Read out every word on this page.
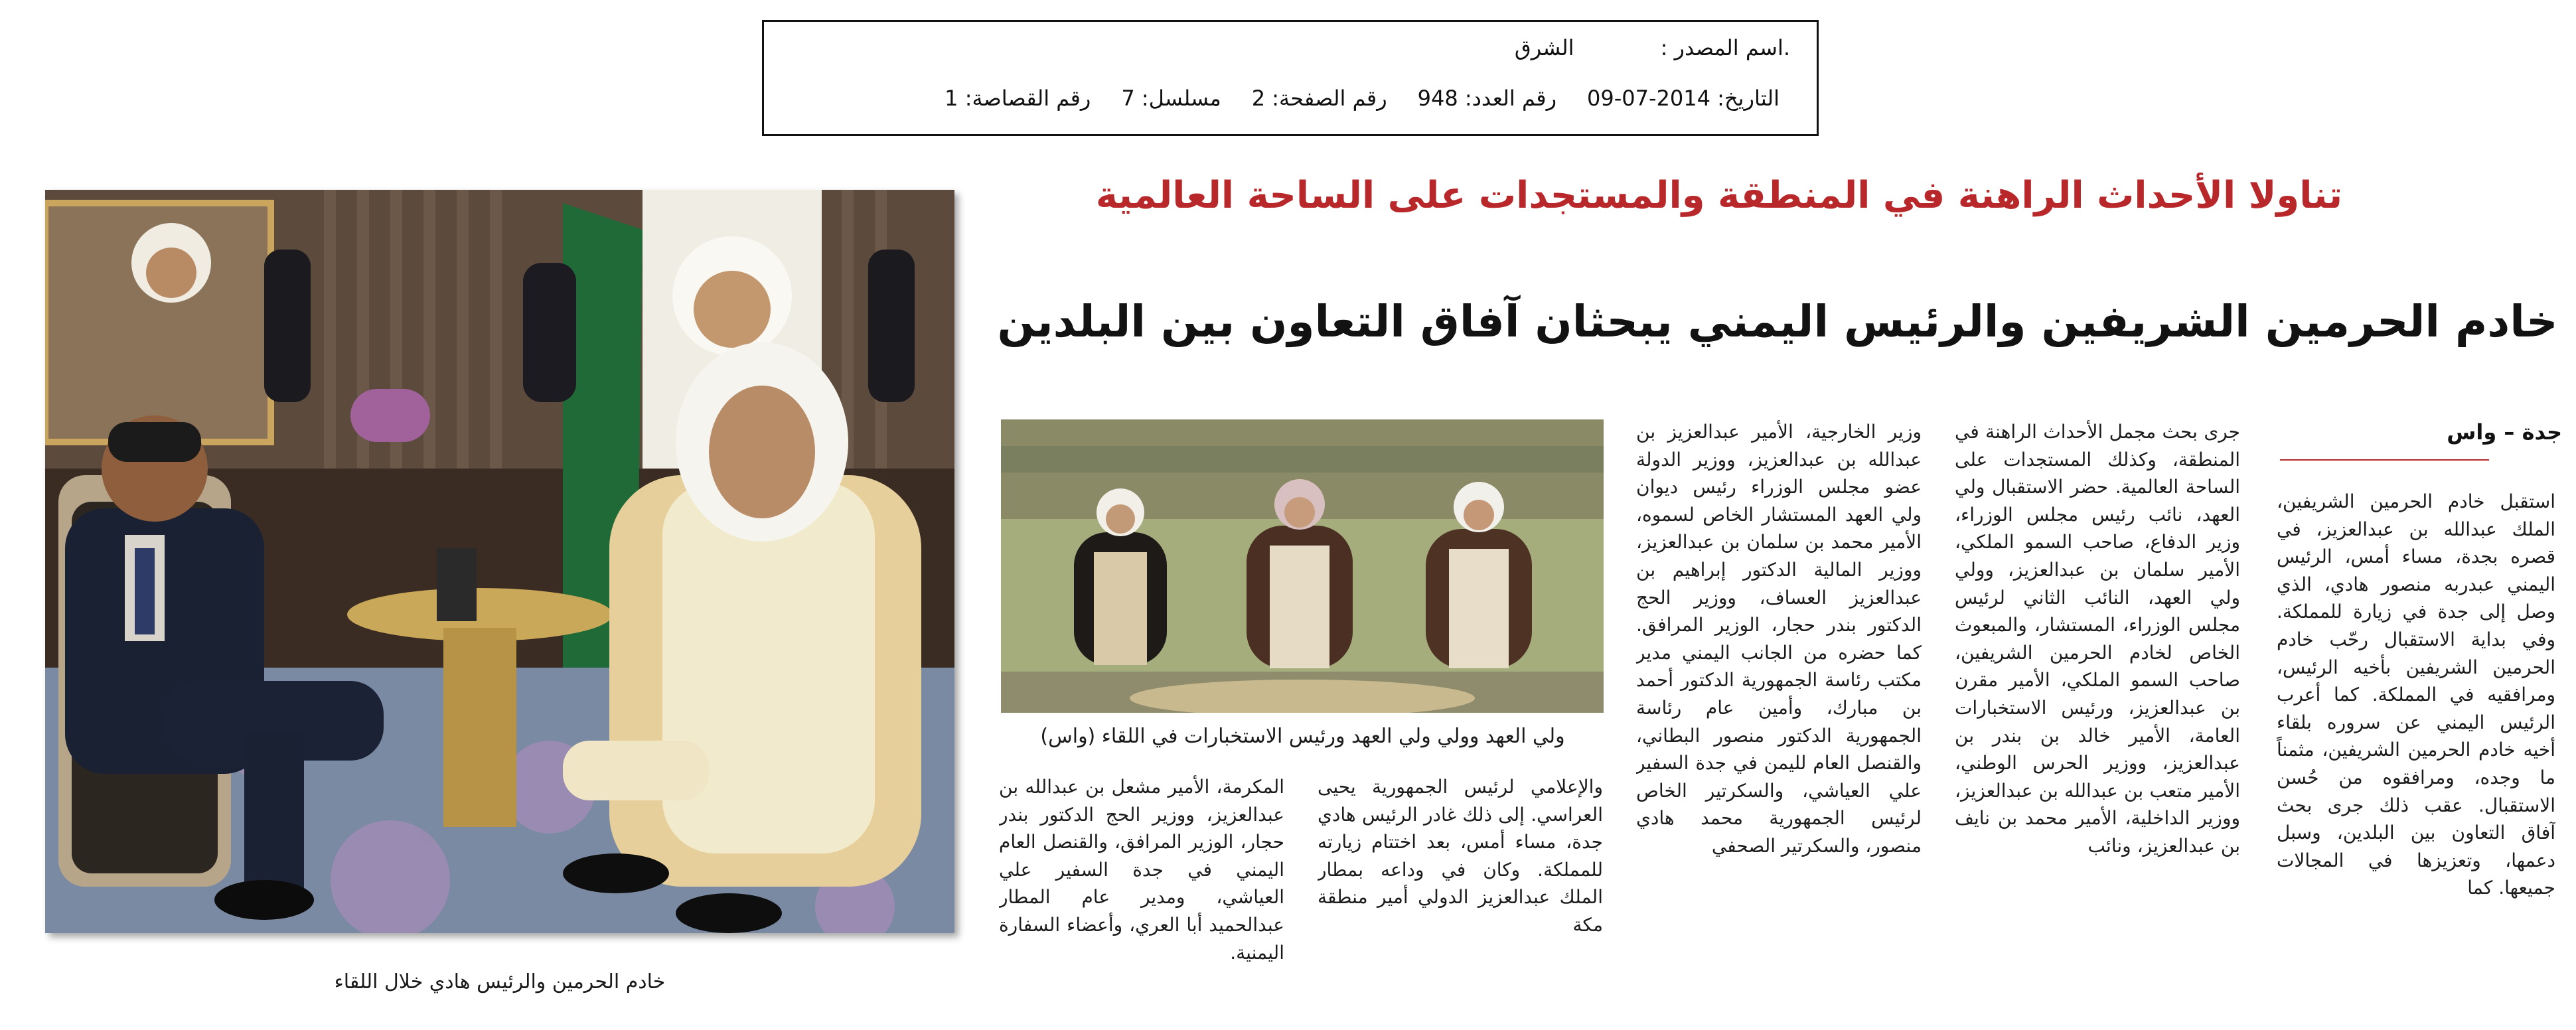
.اسم المصدر :
الشرق
التاريخ: 2014-07-09
رقم العدد: 948
رقم الصفحة: 2
مسلسل: 7
رقم القصاصة: 1
تناولا الأحداث الراهنة في المنطقة والمستجدات على الساحة العالمية
خادم الحرمين الشريفين والرئيس اليمني يبحثان آفاق التعاون بين البلدين
جدة – واس
استقبل خادم الحرمين الشريفين، الملك عبدالله بن عبدالعزيز، في قصره بجدة، مساء أمس، الرئيس اليمني عبدربه منصور هادي، الذي وصل إلى جدة في زيارة للمملكة. وفي بداية الاستقبال رحّب خادم الحرمين الشريفين بأخيه الرئيس، ومرافقيه في المملكة. كما أعرب الرئيس اليمني عن سروره بلقاء أخيه خادم الحرمين الشريفين، مثمناً ما وجده، ومرافقوه من حُسن الاستقبال. عقب ذلك جرى بحث آفاق التعاون بين البلدين، وسبل دعمها، وتعزيزها في المجالات جميعها. كما
جرى بحث مجمل الأحداث الراهنة في المنطقة، وكذلك المستجدات على الساحة العالمية. حضر الاستقبال ولي العهد، نائب رئيس مجلس الوزراء، وزير الدفاع، صاحب السمو الملكي، الأمير سلمان بن عبدالعزيز، وولي ولي العهد، النائب الثاني لرئيس مجلس الوزراء، المستشار، والمبعوث الخاص لخادم الحرمين الشريفين، صاحب السمو الملكي، الأمير مقرن بن عبدالعزيز، ورئيس الاستخبارات العامة، الأمير خالد بن بندر بن عبدالعزيز، ووزير الحرس الوطني، الأمير متعب بن عبدالله بن عبدالعزيز، ووزير الداخلية، الأمير محمد بن نايف بن عبدالعزيز، ونائب
وزير الخارجية، الأمير عبدالعزيز بن عبدالله بن عبدالعزيز، ووزير الدولة عضو مجلس الوزراء رئيس ديوان ولي العهد المستشار الخاص لسموه، الأمير محمد بن سلمان بن عبدالعزيز، ووزير المالية الدكتور إبراهيم بن عبدالعزيز العساف، ووزير الحج الدكتور بندر حجار، الوزير المرافق. كما حضره من الجانب اليمني مدير مكتب رئاسة الجمهورية الدكتور أحمد بن مبارك، وأمين عام رئاسة الجمهورية الدكتور منصور البطاني، والقنصل العام لليمن في جدة السفير علي العياشي، والسكرتير الخاص لرئيس الجمهورية محمد هادي منصور، والسكرتير الصحفي
والإعلامي لرئيس الجمهورية يحيى العراسي. إلى ذلك غادر الرئيس هادي جدة، مساء أمس، بعد اختتام زيارته للمملكة. وكان في وداعه بمطار الملك عبدالعزيز الدولي أمير منطقة مكة
المكرمة، الأمير مشعل بن عبدالله بن عبدالعزيز، ووزير الحج الدكتور بندر حجار، الوزير المرافق، والقنصل العام اليمني في جدة السفير علي العياشي، ومدير عام المطار عبدالحميد أبا العري، وأعضاء السفارة اليمنية.
ولي العهد وولي ولي العهد ورئيس الاستخبارات في اللقاء (واس)
خادم الحرمين والرئيس هادي خلال اللقاء
